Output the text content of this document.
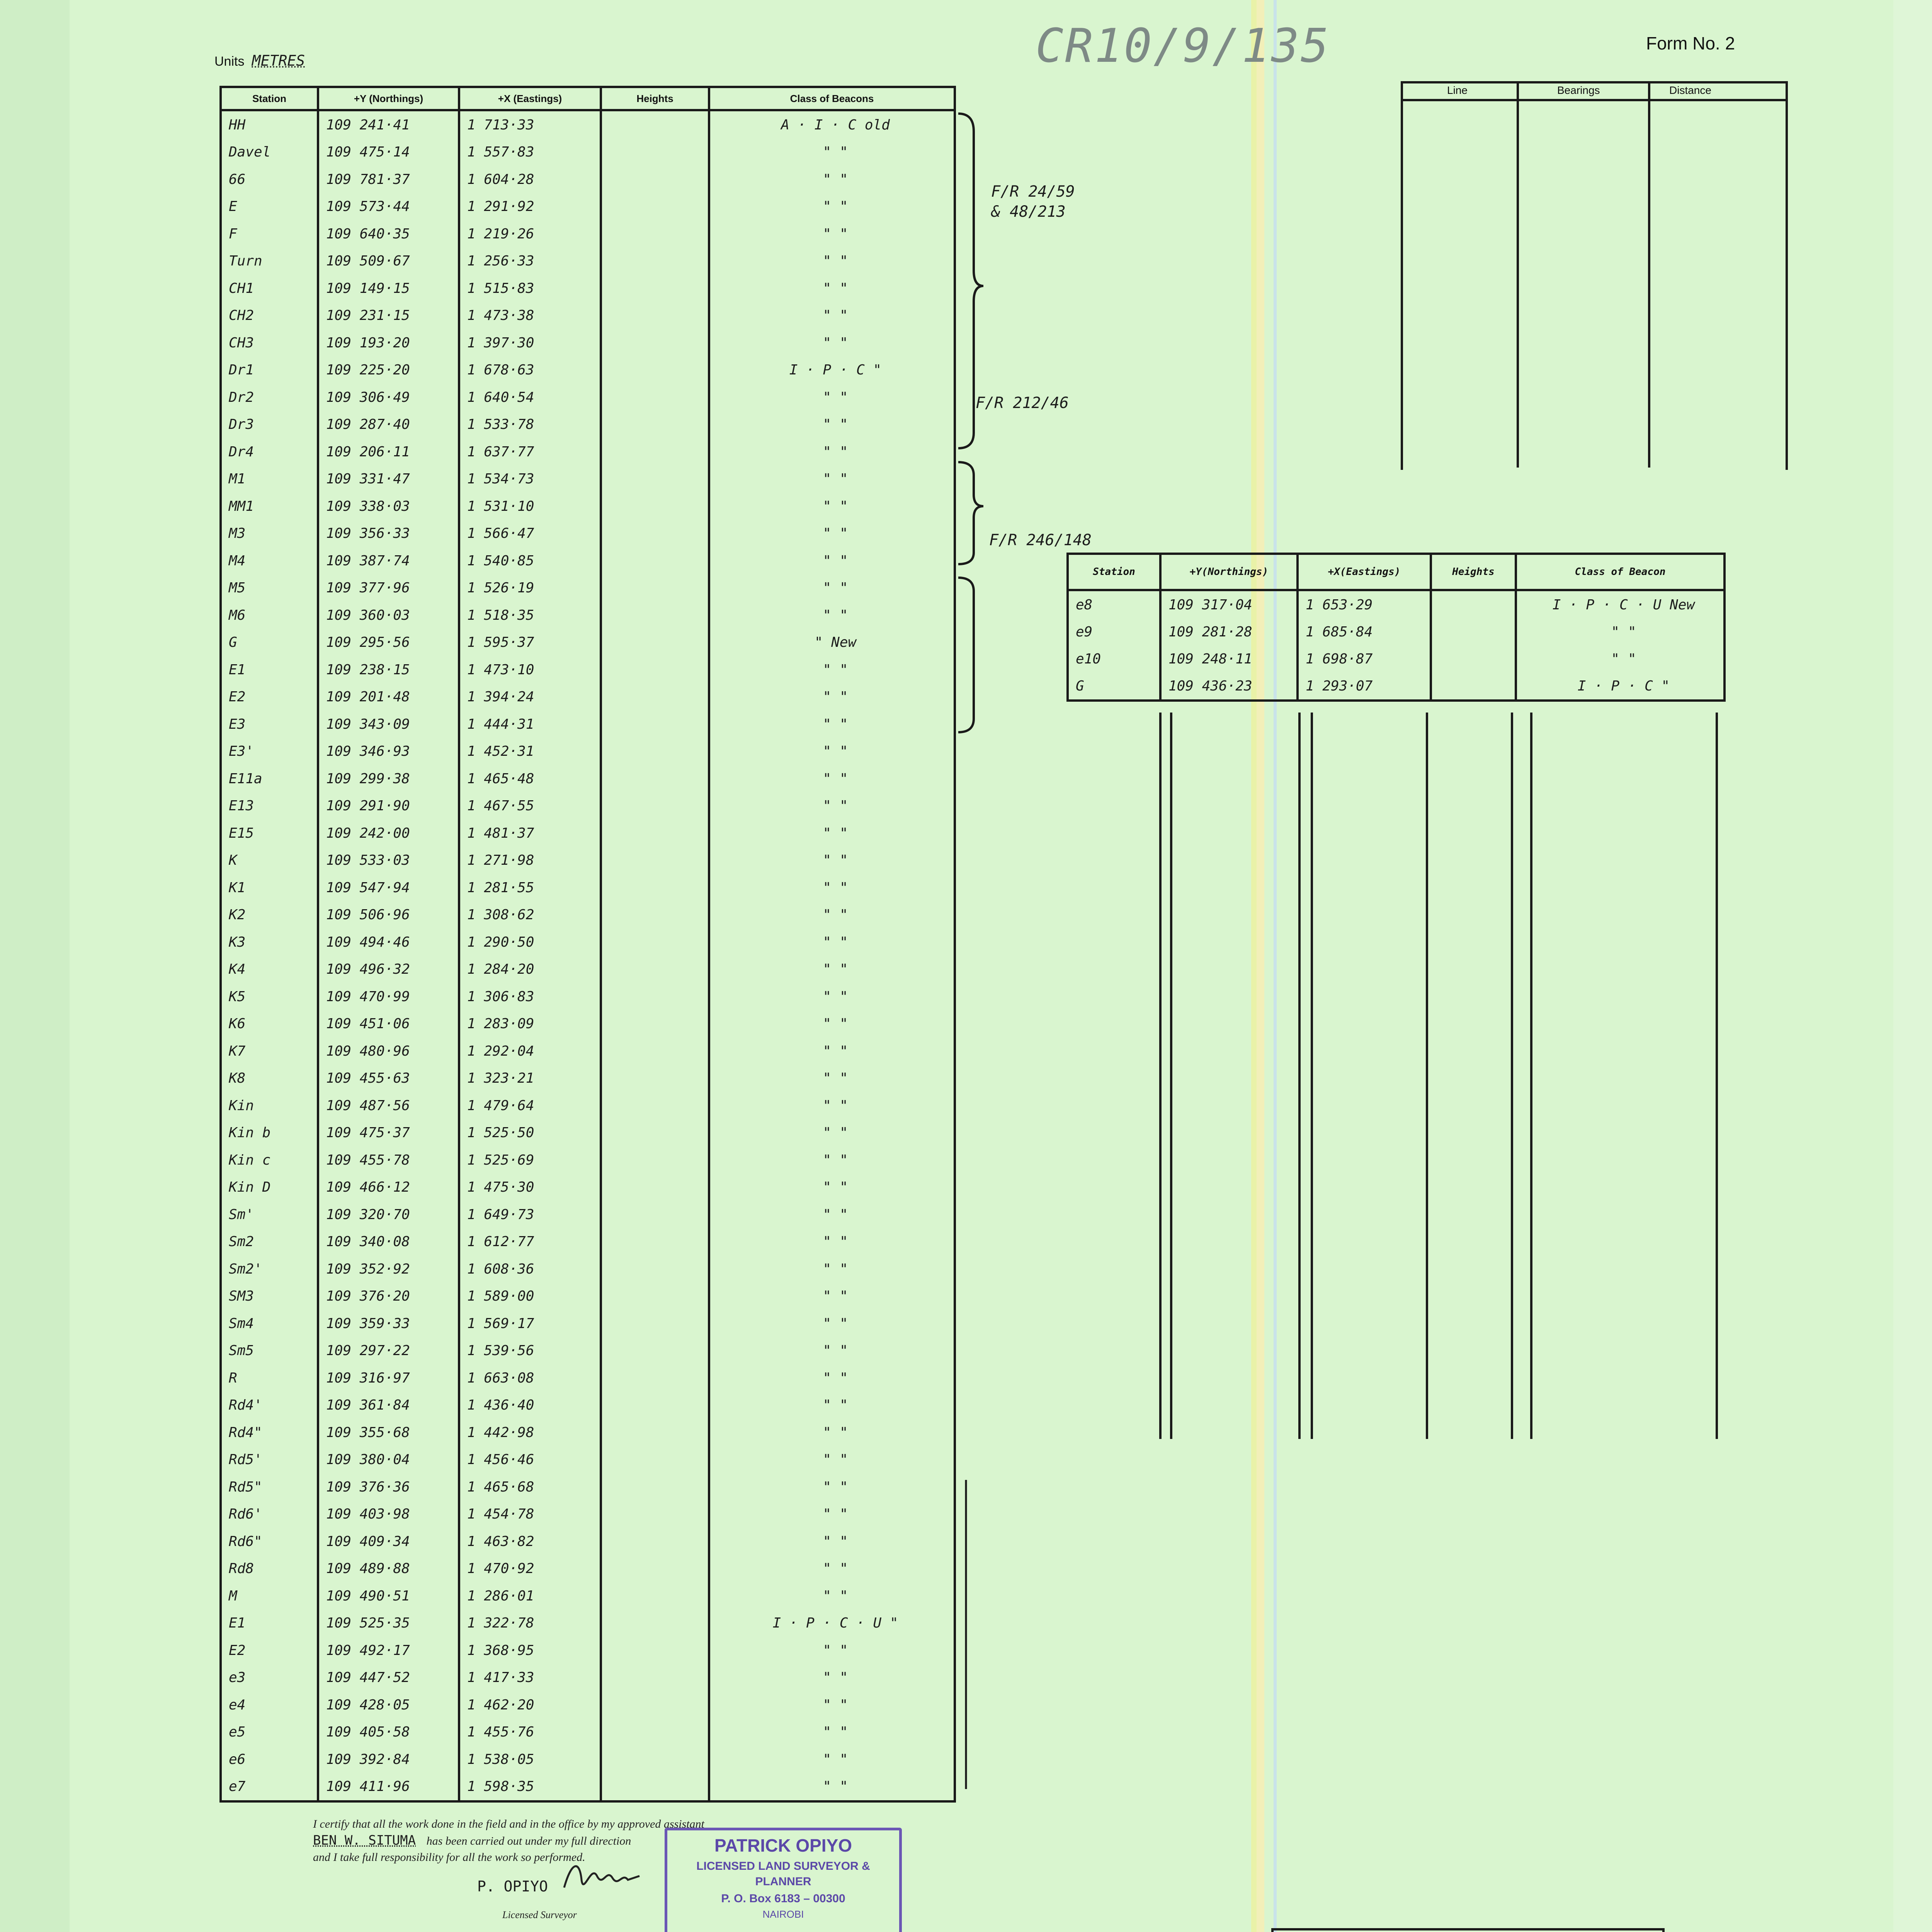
CR10/9/135	Form No. 2
Units METRES
Station	+Y (Northings)	+X (Eastings)	Heights	Class of Beacons
HH	109 241·41	1 713·33		A · I · C old
Davel	109 475·14	1 557·83		" "
66	109 781·37	1 604·28		" "
E	109 573·44	1 291·92		" "
F	109 640·35	1 219·26		" "
Turn	109 509·67	1 256·33		" "
CH1	109 149·15	1 515·83		" "
CH2	109 231·15	1 473·38		" "
CH3	109 193·20	1 397·30		" "
Dr1	109 225·20	1 678·63		I · P · C "
Dr2	109 306·49	1 640·54		" "
Dr3	109 287·40	1 533·78		" "
Dr4	109 206·11	1 637·77		" "
M1	109 331·47	1 534·73		" "
MM1	109 338·03	1 531·10		" "
M3	109 356·33	1 566·47		" "
M4	109 387·74	1 540·85		" "
M5	109 377·96	1 526·19		" "
M6	109 360·03	1 518·35		" "
G	109 295·56	1 595·37		" New
E1	109 238·15	1 473·10		" "
E2	109 201·48	1 394·24		" "
E3	109 343·09	1 444·31		" "
E3'	109 346·93	1 452·31		" "
E11a	109 299·38	1 465·48		" "
E13	109 291·90	1 467·55		" "
E15	109 242·00	1 481·37		" "
K	109 533·03	1 271·98		" "
K1	109 547·94	1 281·55		" "
K2	109 506·96	1 308·62		" "
K3	109 494·46	1 290·50		" "
K4	109 496·32	1 284·20		" "
K5	109 470·99	1 306·83		" "
K6	109 451·06	1 283·09		" "
K7	109 480·96	1 292·04		" "
K8	109 455·63	1 323·21		" "
Kin	109 487·56	1 479·64		" "
Kin b	109 475·37	1 525·50		" "
Kin c	109 455·78	1 525·69		" "
Kin D	109 466·12	1 475·30		" "
Sm'	109 320·70	1 649·73		" "
Sm2	109 340·08	1 612·77		" "
Sm2'	109 352·92	1 608·36		" "
SM3	109 376·20	1 589·00		" "
Sm4	109 359·33	1 569·17		" "
Sm5	109 297·22	1 539·56		" "
R	109 316·97	1 663·08		" "
Rd4'	109 361·84	1 436·40		" "
Rd4"	109 355·68	1 442·98		" "
Rd5'	109 380·04	1 456·46		" "
Rd5"	109 376·36	1 465·68		" "
Rd6'	109 403·98	1 454·78		" "
Rd6"	109 409·34	1 463·82		" "
Rd8	109 489·88	1 470·92		" "
M	109 490·51	1 286·01		" "
E1	109 525·35	1 322·78		I · P · C · U "
E2	109 492·17	1 368·95		" "
e3	109 447·52	1 417·33		" "
e4	109 428·05	1 462·20		" "
e5	109 405·58	1 455·76		" "
e6	109 392·84	1 538·05		" "
e7	109 411·96	1 598·35		" "
F/R 24/59 & 48/213
F/R 212/46
F/R 246/148
Line	Bearings	Distance
Station	+Y(Northings)	+X(Eastings)	Heights	Class of Beacon
e8	109 317·04	1 653·29		I · P · C · U New
e9	109 281·28	1 685·84		" "
e10	109 248·11	1 698·87		" "
G	109 436·23	1 293·07		I · P · C "
I certify that all the work done in the field and in the office by my approved assistant
BEN W. SITUMA has been carried out under my full direction
and I take full responsibility for all the work so performed.
P. OPIYO
Licensed Surveyor
PATRICK OPIYO
LICENSED LAND SURVEYOR &
PLANNER
P. O. Box 6183 – 00300
NAIROBI
